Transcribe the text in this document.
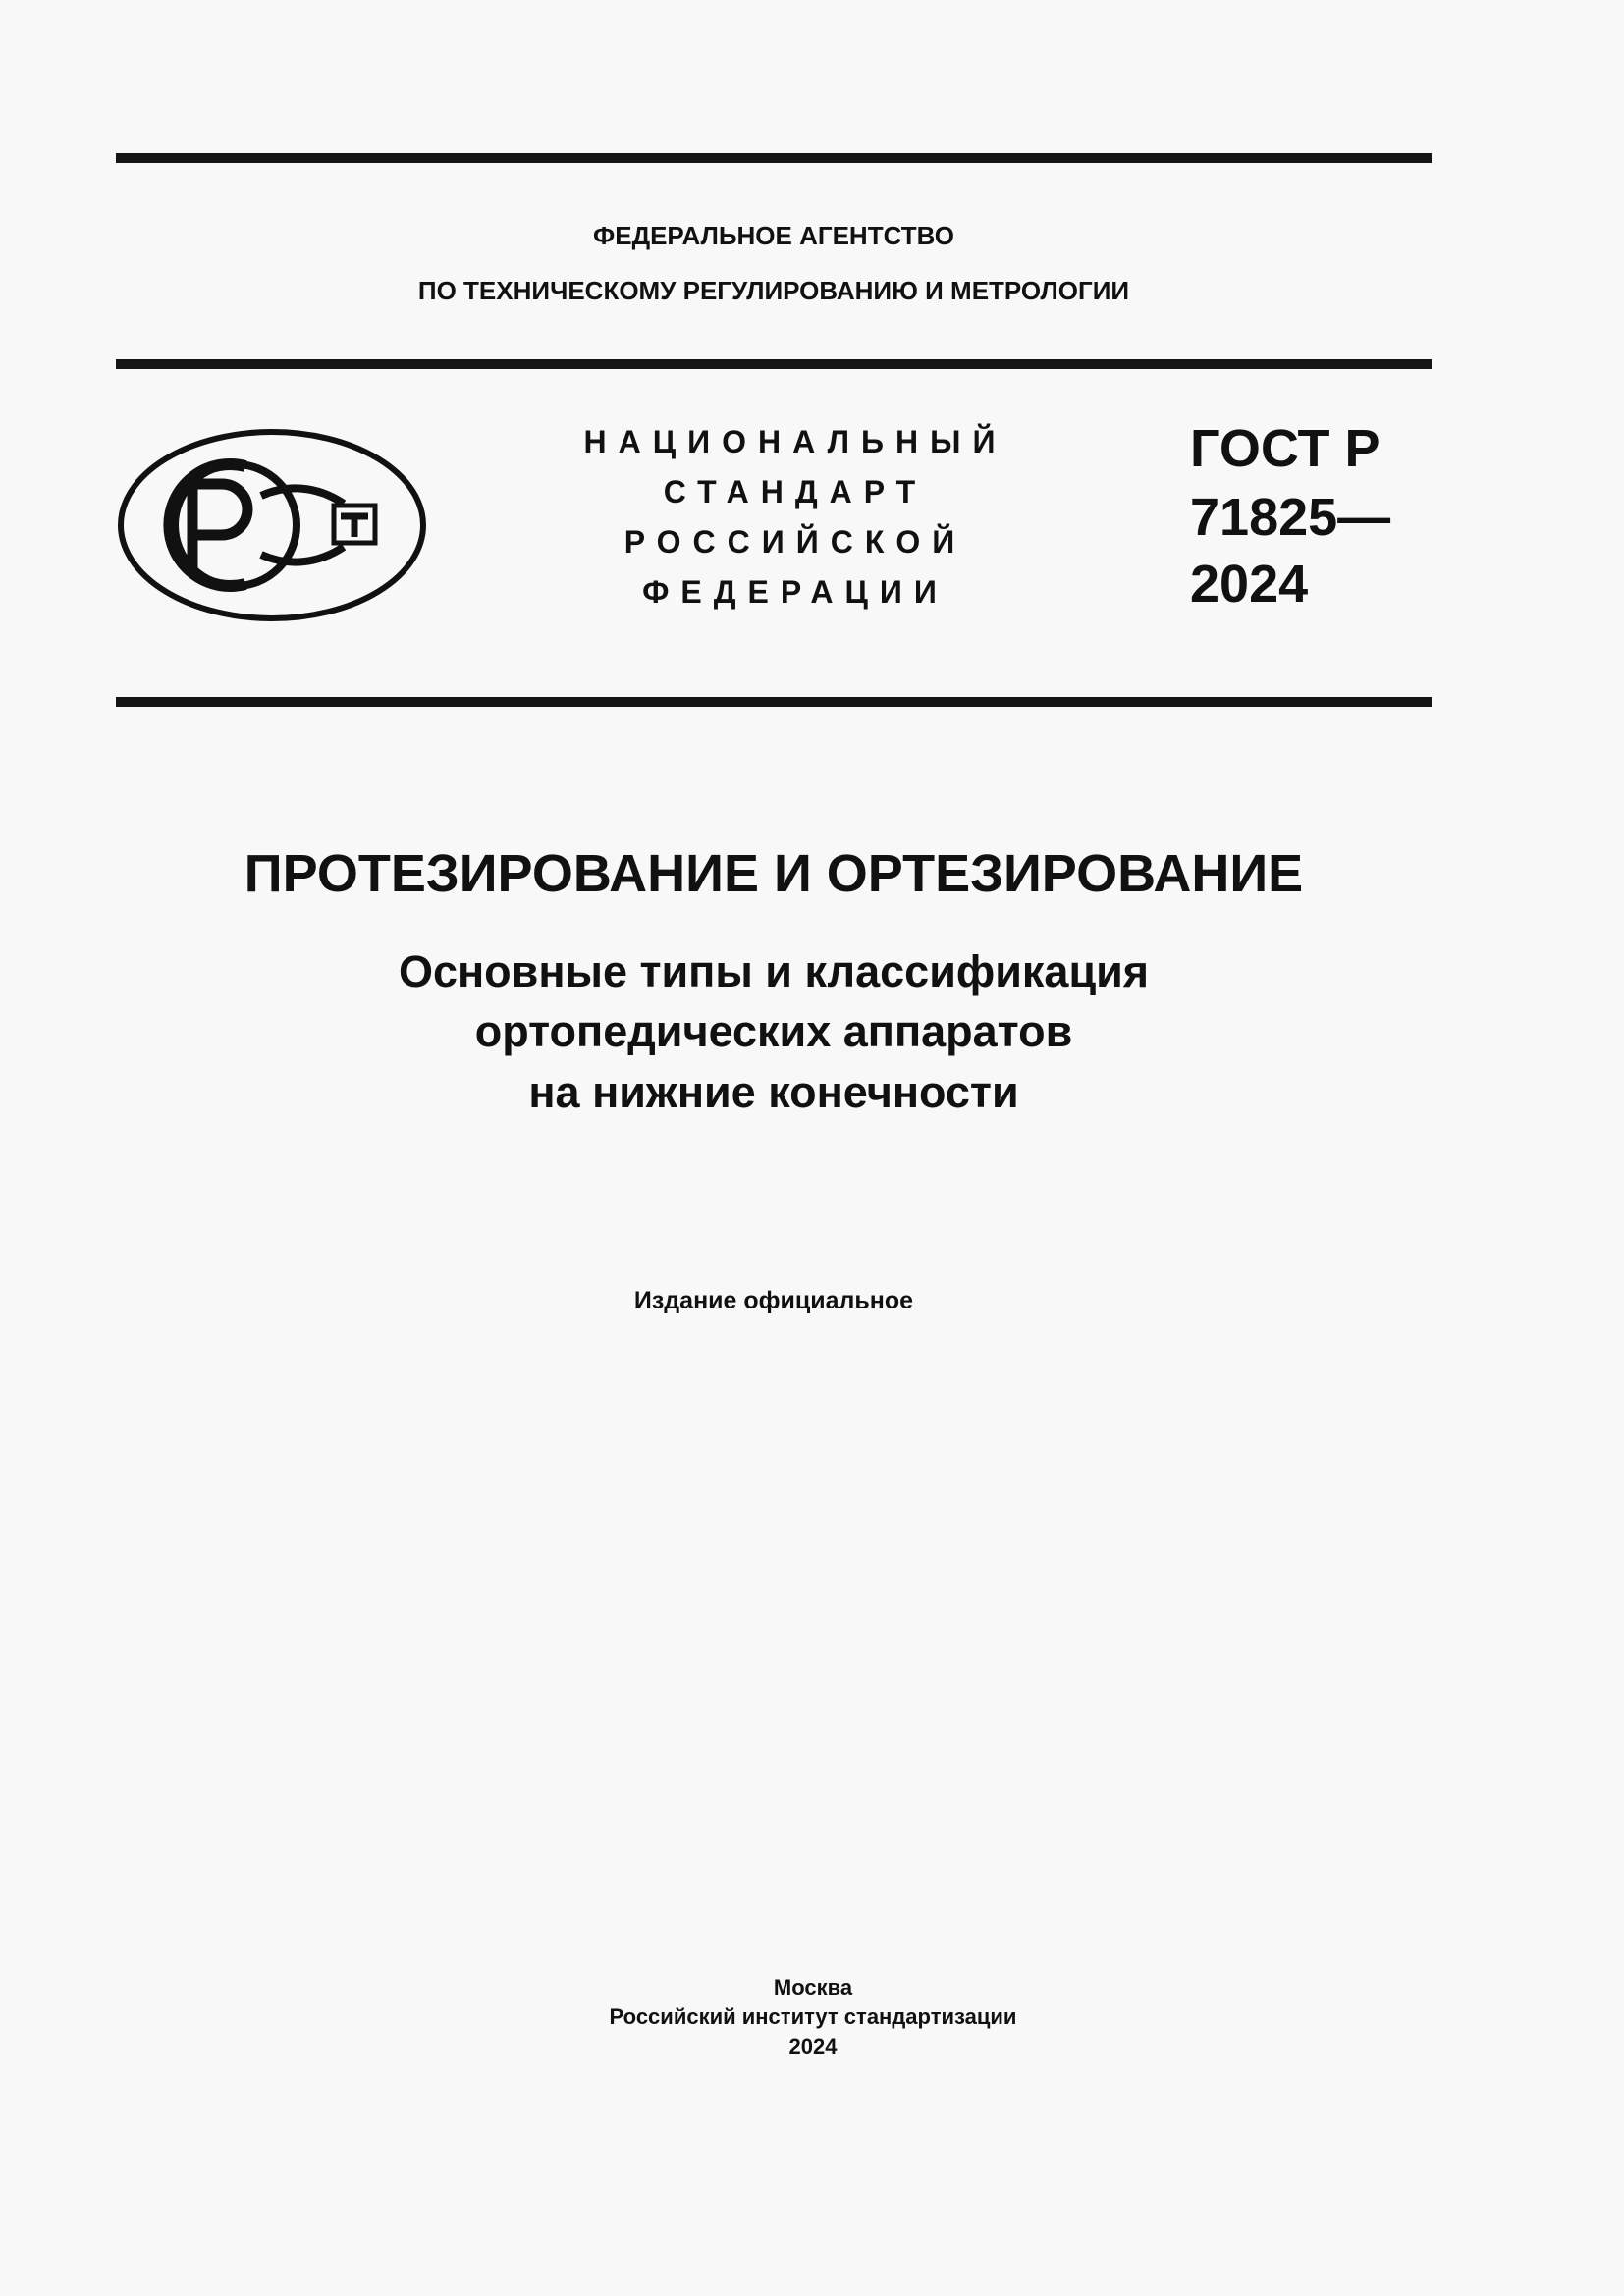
ФЕДЕРАЛЬНОЕ АГЕНТСТВО
ПО ТЕХНИЧЕСКОМУ РЕГУЛИРОВАНИЮ И МЕТРОЛОГИИ
НАЦИОНАЛЬНЫЙ
СТАНДАРТ
РОССИЙСКОЙ
ФЕДЕРАЦИИ
ГОСТ Р
71825—
2024
ПРОТЕЗИРОВАНИЕ И ОРТЕЗИРОВАНИЕ
Основные типы и классификация
ортопедических аппаратов
на нижние конечности
Издание официальное
Москва
Российский институт стандартизации
2024
